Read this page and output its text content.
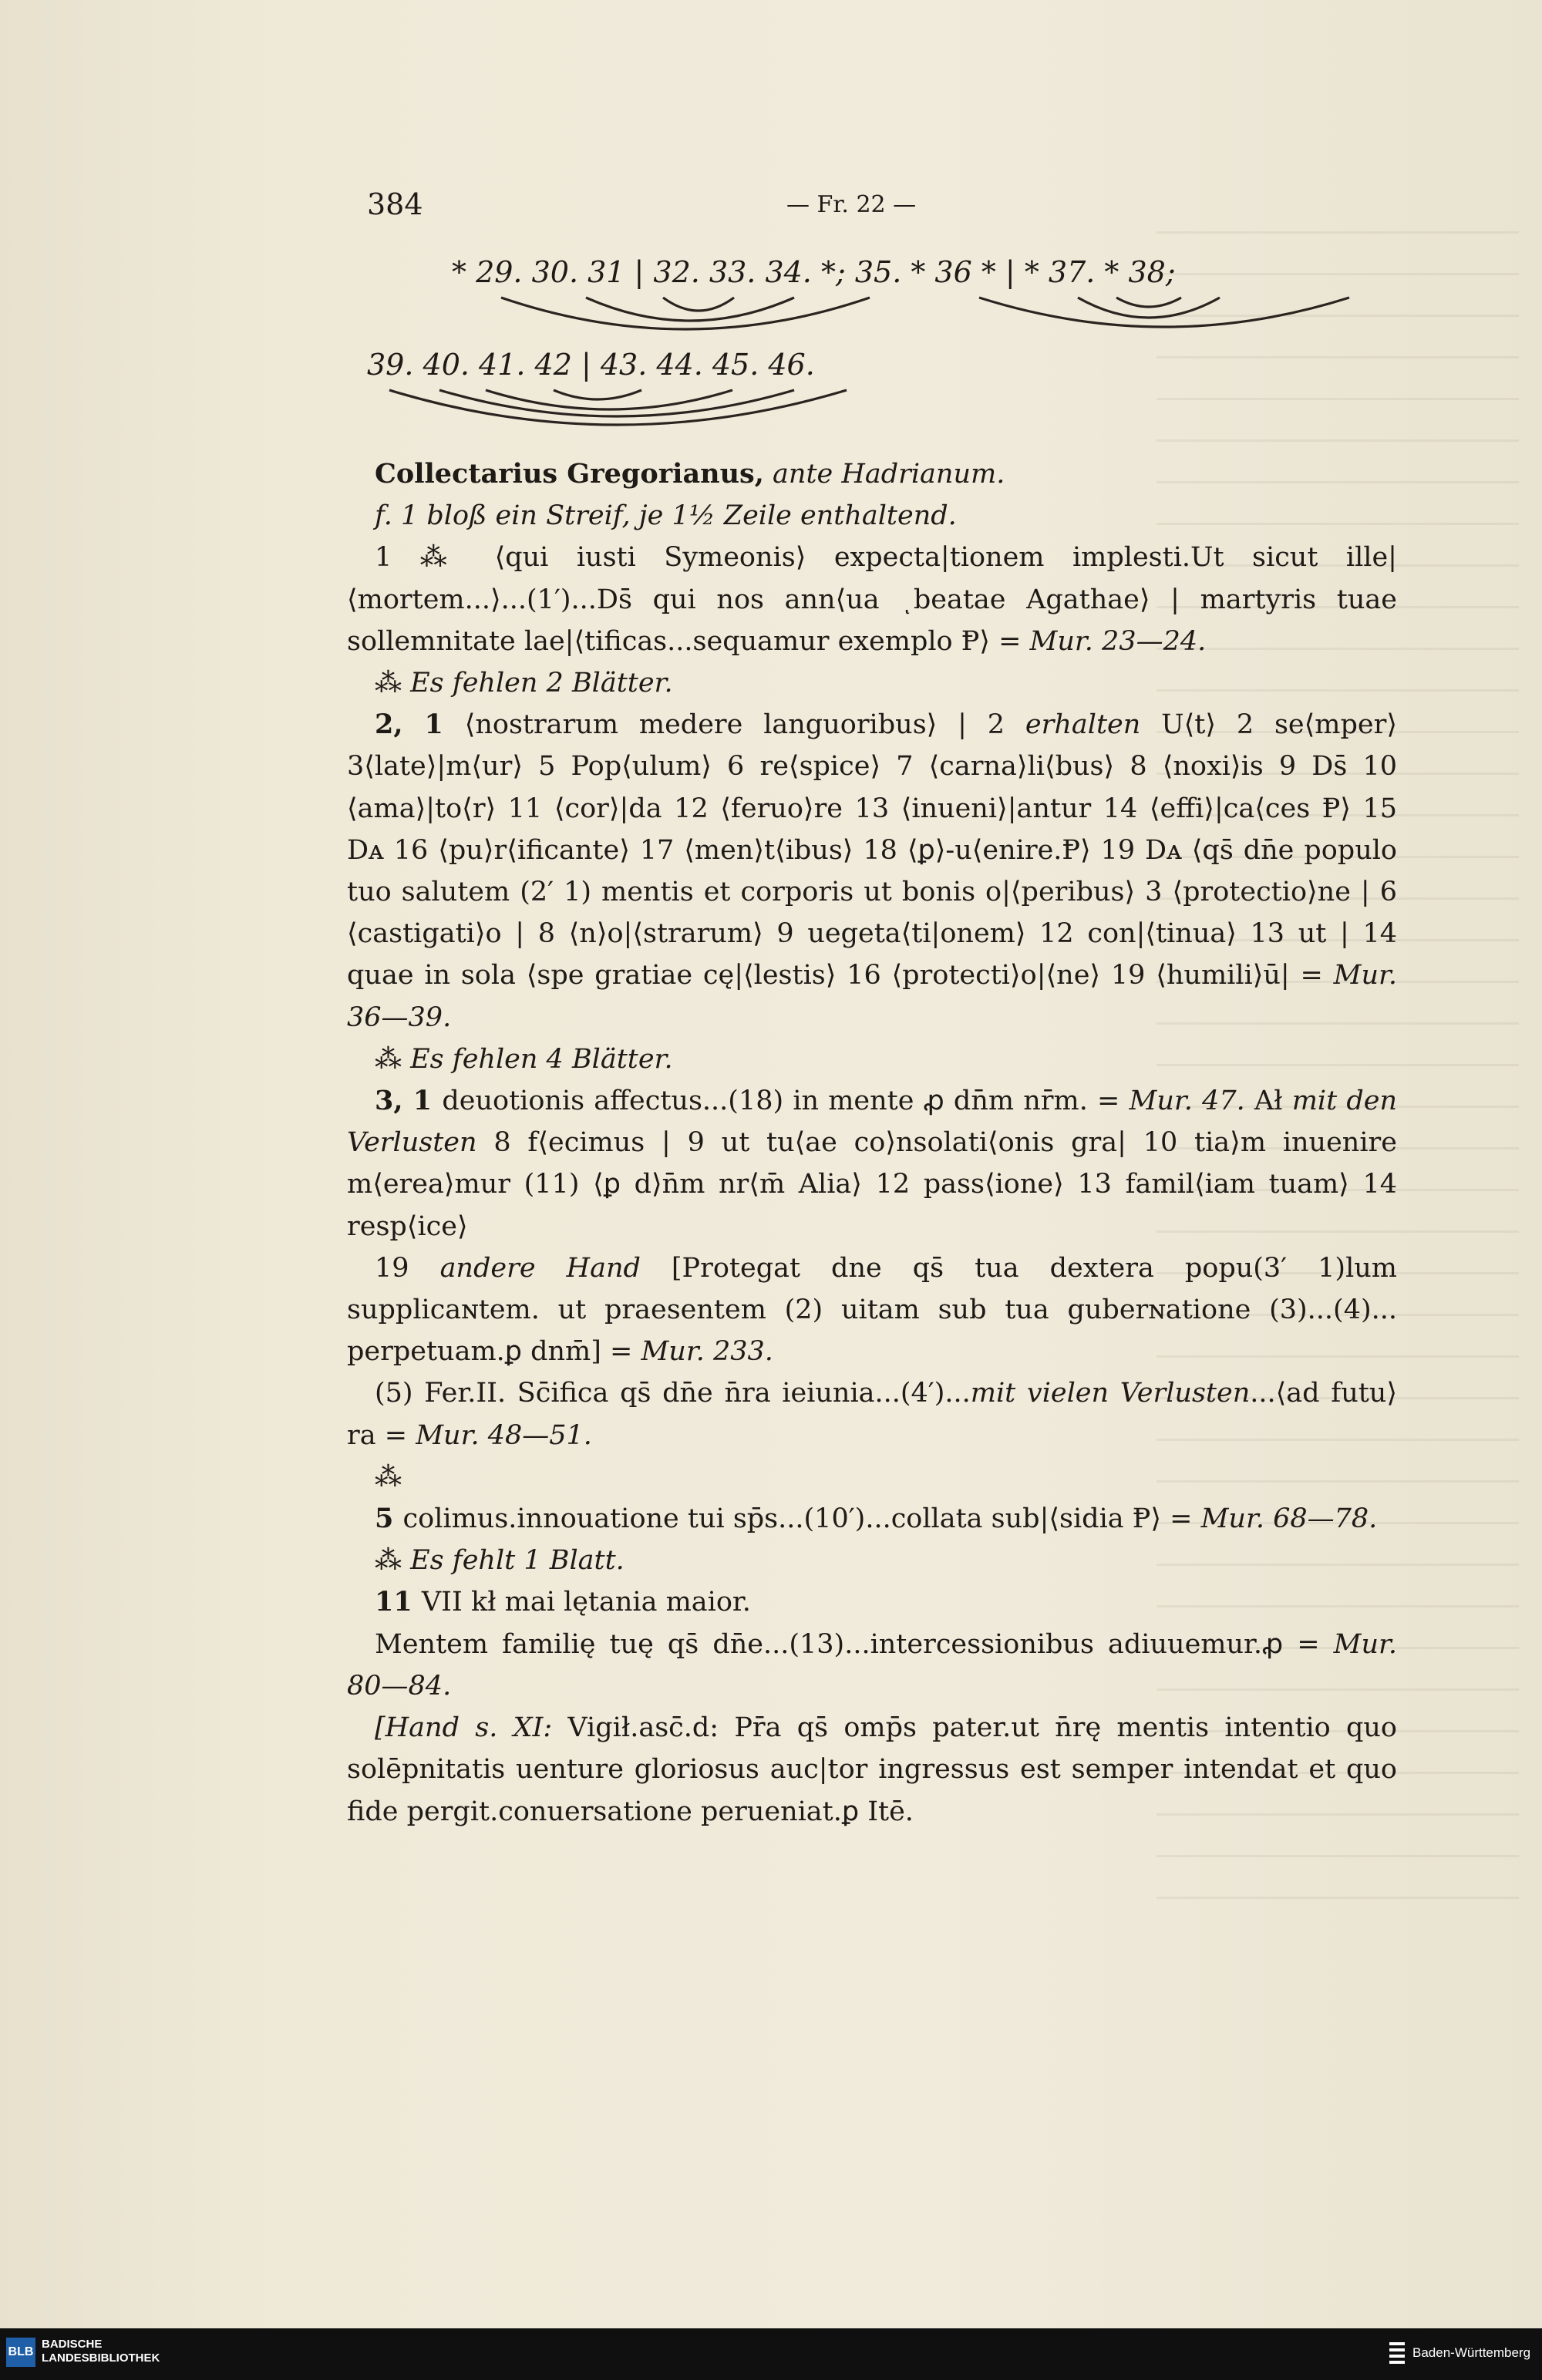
384	— Fr. 22 —
* 29. 30. 31 | 32. 33. 34. *; 35. * 36 * | * 37. * 38;
39. 40. 41. 42 | 43. 44. 45. 46.

Collectarius Gregorianus, ante Hadrianum.

f. 1 bloß ein Streif, je 1½ Zeile enthaltend.

1 ⁂ ⟨qui iusti Symeonis⟩ expecta|tionem implesti.Ut sicut ille| ⟨mortem...⟩...(1′)...Ds̄ qui nos ann⟨ua ͺbeatae Agathae⟩ | martyris tuae sollemnitate lae|⟨tificas...sequamur exemplo Ᵽ⟩ = Mur. 23—24.

⁂ Es fehlen 2 Blätter.

2, 1 ⟨nostrarum medere languoribus⟩ | 2 erhalten U⟨t⟩ 2 se⟨mper⟩ 3⟨late⟩|m⟨ur⟩ 5 Pop⟨ulum⟩ 6 re⟨spice⟩ 7 ⟨carna⟩li⟨bus⟩ 8 ⟨noxi⟩is 9 Ds̄ 10 ⟨ama⟩|to⟨r⟩ 11 ⟨cor⟩|da 12 ⟨feruo⟩re 13 ⟨inueni⟩|antur 14 ⟨effi⟩|ca⟨ces Ᵽ⟩ 15 Dᴀ 16 ⟨pu⟩r⟨ificante⟩ 17 ⟨men⟩t⟨ibus⟩ 18 ⟨ꝑ⟩-u⟨enire.Ᵽ⟩ 19 Dᴀ ⟨qs̄ dn̄e populo tuo salutem (2′ 1) mentis et corporis ut bonis o|⟨peribus⟩ 3 ⟨protectio⟩ne | 6 ⟨castigati⟩o | 8 ⟨n⟩o|⟨strarum⟩ 9 uegeta⟨ti|onem⟩ 12 con|⟨tinua⟩ 13 ut | 14 quae in sola ⟨spe gratiae cę|⟨lestis⟩ 16 ⟨protecti⟩o|⟨ne⟩ 19 ⟨humili⟩ū| = Mur. 36—39.

⁂ Es fehlen 4 Blätter.

3, 1 deuotionis affectus...(18) in mente ꝓ dn̄m nr̄m. = Mur. 47. Ał mit den Verlusten 8 f⟨ecimus | 9 ut tu⟨ae co⟩nsolati⟨onis gra| 10 tia⟩m inuenire m⟨erea⟩mur (11) ⟨ꝑ d⟩n̄m nr⟨m̄ Alia⟩ 12 pass⟨ione⟩ 13 famil⟨iam tuam⟩ 14 resp⟨ice⟩

19 andere Hand [Protegat dne qs̄ tua dextera popu(3′ 1)lum supplicaɴtem. ut praesentem (2) uitam sub tua guberɴatione (3)...(4)... perpetuam.ꝑ dnm̄] = Mur. 233.

(5) Fer.II. Sc̄ifica qs̄ dn̄e n̄ra ieiunia...(4′)...mit vielen Verlusten...⟨ad futu⟩ra = Mur. 48—51.

⁂

5 colimus.innouatione tui sp̄s...(10′)...collata sub|⟨sidia Ᵽ⟩ = Mur. 68—78.

⁂ Es fehlt 1 Blatt.

11 VII kł mai lętania maior.

Mentem familię tuę qs̄ dn̄e...(13)...intercessionibus adiuuemur.ꝓ = Mur. 80—84.

[Hand s. XI: Vigił.asc̄.d: Pr̄a qs̄ omp̄s pater.ut n̄rę mentis intentio quo solēpnitatis uenture gloriosus auc|tor ingressus est semper intendat et quo fide pergit.conuersatione perueniat.ꝑ Itē.

BLB
BADISCHE
LANDESBIBLIOTHEK	Baden-Württemberg
